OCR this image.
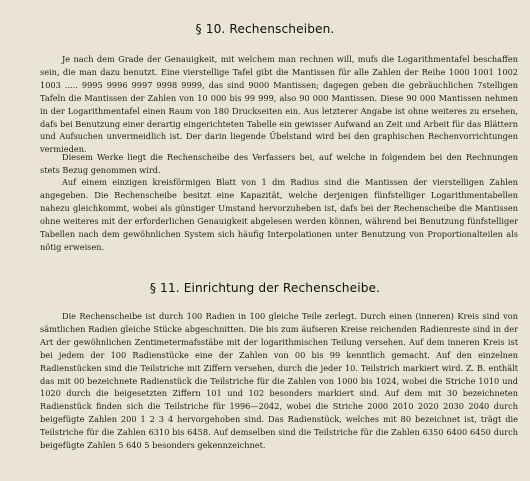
§ 10. Rechenscheiben.

Je nach dem Grade der Genauigkeit, mit welchem man rechnen will, mufs die Logarithmentafel beschaffen sein, die man dazu benutzt. Eine vierstellige Tafel gibt die Mantissen für alle Zahlen der Reihe 1000 1001 1002 1003 ..... 9995 9996 9997 9998 9999, das sind 9000 Mantissen; dagegen geben die gebräuchlichen 7stelligen Tafeln die Mantissen der Zahlen von 10 000 bis 99 999, also 90 000 Mantissen. Diese 90 000 Mantissen nehmen in der Logarithmentafel einen Raum von 180 Druckseiten ein. Aus letzterer Angabe ist ohne weiteres zu ersehen, dafs bei Benutzung einer derartig eingerichteten Tabelle ein gewisser Aufwand an Zeit und Arbeit für das Blättern und Aufsuchen unvermeidlich ist. Der darin liegende Übelstand wird bei den graphischen Rechenvorrichtungen vermieden.

Diesem Werke liegt die Rechenscheibe des Verfassers bei, auf welche in folgendem bei den Rechnungen stets Bezug genommen wird.

Auf einem einzigen kreisförmigen Blatt von 1 dm Radius sind die Mantissen der vierstelligen Zahlen angegeben. Die Rechenscheibe besitzt eine Kapazität, welche derjenigen fünfstelliger Logarithmentabellen nahezu gleichkommt, wobei als günstiger Umstand hervorzuheben ist, dafs bei der Rechenscheibe die Mantissen ohne weiteres mit der erforderlichen Genauigkeit abgelesen werden können, während bei Benutzung fünfstelliger Tabellen nach dem gewöhnlichen System sich häufig Interpolationen unter Benutzung von Proportionalteilen als nötig erweisen.

§ 11. Einrichtung der Rechenscheibe.

Die Rechenscheibe ist durch 100 Radien in 100 gleiche Teile zerlegt. Durch einen (inneren) Kreis sind von sämtlichen Radien gleiche Stücke abgeschnitten. Die bis zum äufseren Kreise reichenden Radienreste sind in der Art der gewöhnlichen Zentimetermafsstäbe mit der logarithmischen Teilung versehen. Auf dem inneren Kreis ist bei jedem der 100 Radienstücke eine der Zahlen von 00 bis 99 kenntlich gemacht. Auf den einzelnen Radienstücken sind die Teilstriche mit Ziffern versehen, durch die jeder 10. Teilstrich markiert wird. Z. B. enthält das mit 00 bezeichnete Radienstück die Teilstriche für die Zahlen von 1000 bis 1024, wobei die Striche 1010 und 1020 durch die beigesetzten Ziffern 101 und 102 besonders markiert sind. Auf dem mit 30 bezeichneten Radienstück finden sich die Teilstriche für 1996—2042, wobei die Striche 2000 2010 2020 2030 2040 durch beigefügte Zahlen 200 1 2 3 4 hervorgehoben sind. Das Radienstück, welches mit 80 bezeichnet ist, trägt die Teilstriche für die Zahlen 6310 bis 6458. Auf demselben sind die Teilstriche für die Zahlen 6350 6400 6450 durch beigefügte Zahlen 5 640 5 besonders gekennzeichnet.
